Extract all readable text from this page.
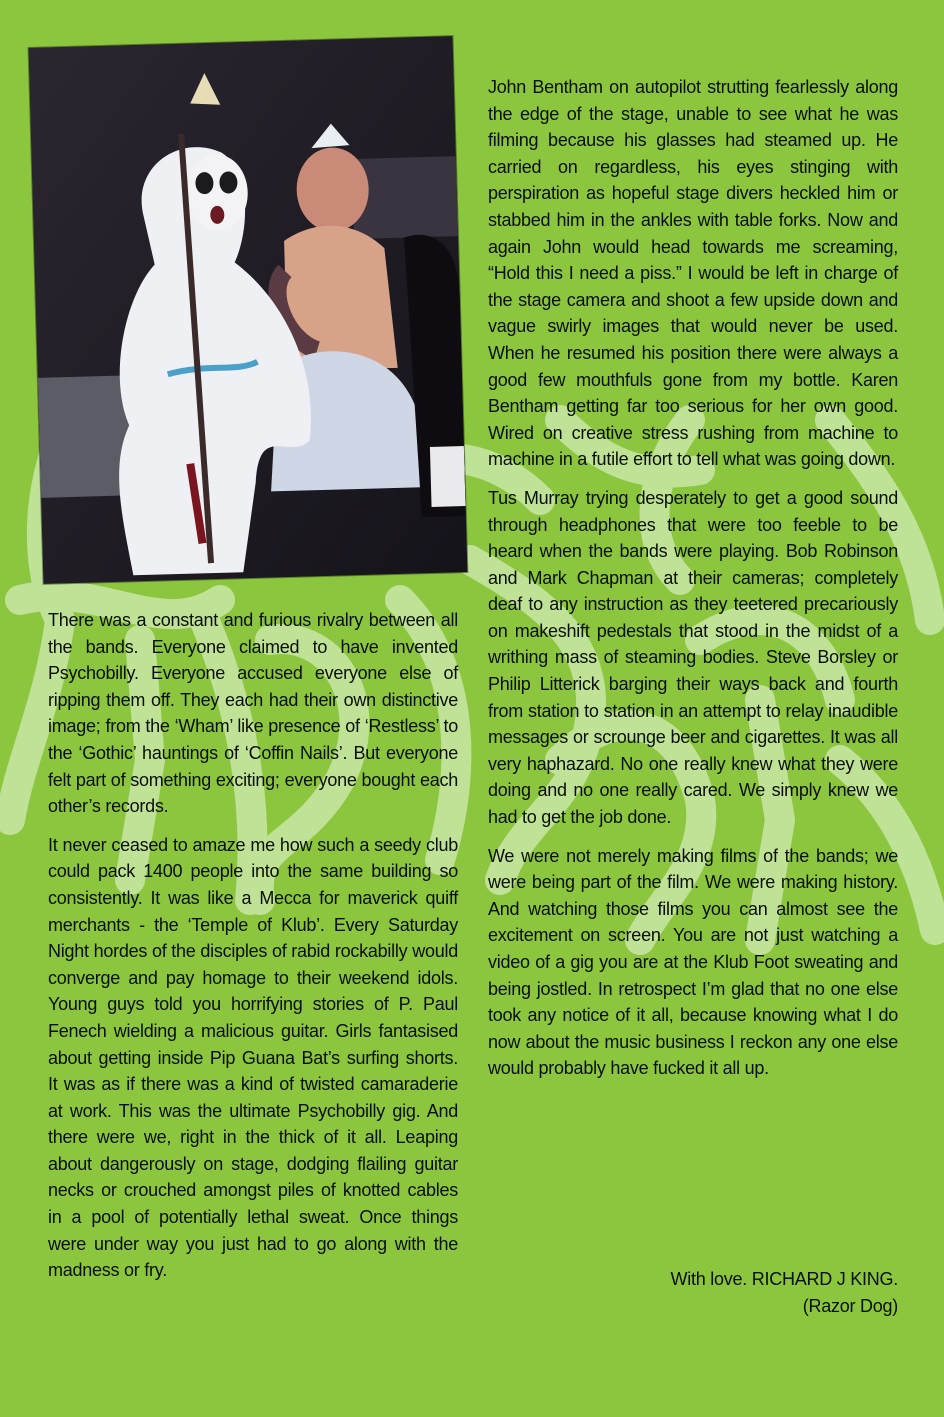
There was a constant and furious rivalry between all the bands. Everyone claimed to have invented Psychobilly. Everyone accused everyone else of ripping them off. They each had their own distinctive image; from the ‘Wham’ like presence of ‘Restless’ to the ‘Gothic’ hauntings of ‘Coffin Nails’. But everyone felt part of something exciting; everyone bought each other’s records.

It never ceased to amaze me how such a seedy club could pack 1400 people into the same building so consistently. It was like a Mecca for maverick quiff merchants - the ‘Temple of Klub’. Every Saturday Night hordes of the disciples of rabid rockabilly would converge and pay homage to their weekend idols. Young guys told you horrifying stories of P. Paul Fenech wielding a malicious guitar. Girls fantasised about getting inside Pip Guana Bat’s surfing shorts. It was as if there was a kind of twisted camaraderie at work. This was the ultimate Psychobilly gig. And there were we, right in the thick of it all. Leaping about dangerously on stage, dodging flailing guitar necks or crouched amongst piles of knotted cables in a pool of potentially lethal sweat. Once things were under way you just had to go along with the madness or fry.

John Bentham on autopilot strutting fearlessly along the edge of the stage, unable to see what he was filming because his glasses had steamed up. He carried on regardless, his eyes stinging with perspiration as hopeful stage divers heckled him or stabbed him in the ankles with table forks. Now and again John would head towards me screaming, “Hold this I need a piss.” I would be left in charge of the stage camera and shoot a few upside down and vague swirly images that would never be used. When he resumed his position there were always a good few mouthfuls gone from my bottle. Karen Bentham getting far too serious for her own good. Wired on creative stress rushing from machine to machine in a futile effort to tell what was going down.

Tus Murray trying desperately to get a good sound through headphones that were too feeble to be heard when the bands were playing. Bob Robinson and Mark Chapman at their cameras; completely deaf to any instruction as they teetered precariously on makeshift pedestals that stood in the midst of a writhing mass of steaming bodies. Steve Borsley or Philip Litterick barging their ways back and fourth from station to station in an attempt to relay inaudible messages or scrounge beer and cigarettes. It was all very haphazard. No one really knew what they were doing and no one really cared. We simply knew we had to get the job done.

We were not merely making films of the bands; we were being part of the film. We were making history. And watching those films you can almost see the excitement on screen. You are not just watching a video of a gig you are at the Klub Foot sweating and being jostled. In retrospect I’m glad that no one else took any notice of it all, because knowing what I do now about the music business I reckon any one else would probably have fucked it all up.

With love. RICHARD J KING.
(Razor Dog)
